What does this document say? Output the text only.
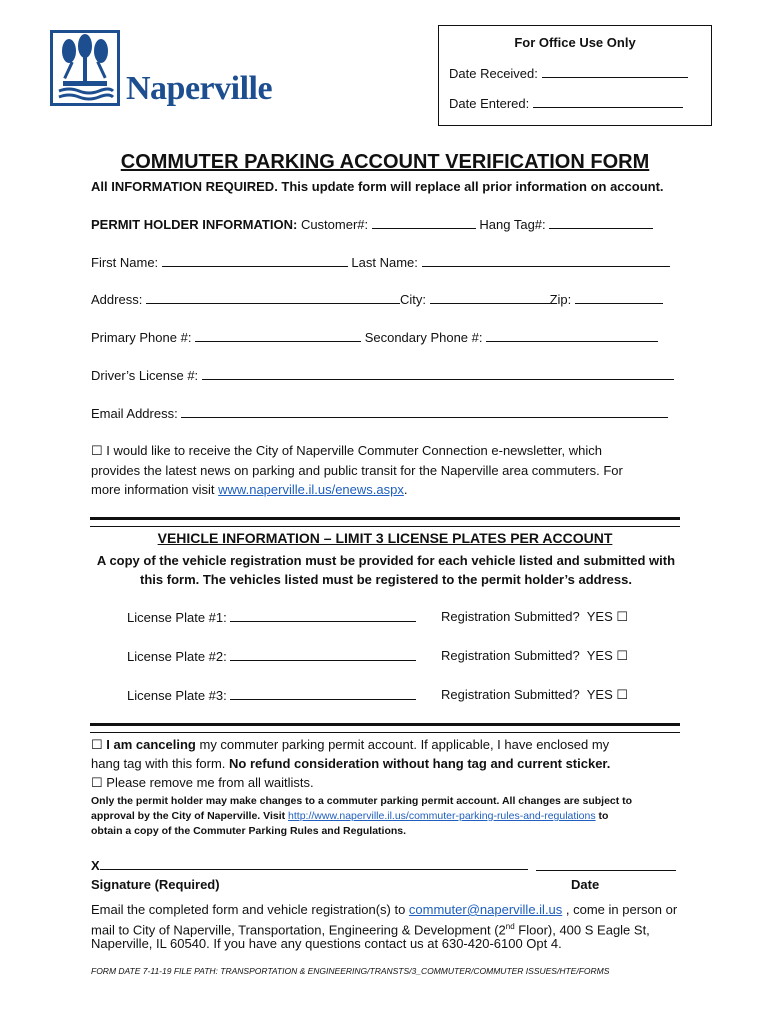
Naperville
For Office Use Only
Date Received:
Date Entered:
COMMUTER PARKING ACCOUNT VERIFICATION FORM
All INFORMATION REQUIRED. This update form will replace all prior information on account.
PERMIT HOLDER INFORMATION: Customer#:	Hang Tag#:
First Name:	Last Name:
Address:	City:	Zip:
Primary Phone #:	Secondary Phone #:
Driver’s License #:
Email Address:
☐ I would like to receive the City of Naperville Commuter Connection e-newsletter, which
provides the latest news on parking and public transit for the Naperville area commuters. For
more information visit www.naperville.il.us/enews.aspx.
VEHICLE INFORMATION – LIMIT 3 LICENSE PLATES PER ACCOUNT
A copy of the vehicle registration must be provided for each vehicle listed and submitted with
this form. The vehicles listed must be registered to the permit holder’s address.
License Plate #1:	Registration Submitted? YES ☐
License Plate #2:	Registration Submitted? YES ☐
License Plate #3:	Registration Submitted? YES ☐
☐ I am canceling my commuter parking permit account. If applicable, I have enclosed my
hang tag with this form. No refund consideration without hang tag and current sticker.
☐ Please remove me from all waitlists.
Only the permit holder may make changes to a commuter parking permit account. All changes are subject to
approval by the City of Naperville. Visit http://www.naperville.il.us/commuter-parking-rules-and-regulations to
obtain a copy of the Commuter Parking Rules and Regulations.
X
Signature (Required)	Date
Email the completed form and vehicle registration(s) to commuter@naperville.il.us , come in person or
mail to City of Naperville, Transportation, Engineering & Development (2nd Floor), 400 S Eagle St,
Naperville, IL 60540. If you have any questions contact us at 630-420-6100 Opt 4.
FORM DATE 7-11-19 FILE PATH: TRANSPORTATION & ENGINEERING/TRANSTS/3_COMMUTER/COMMUTER ISSUES/HTE/FORMS
